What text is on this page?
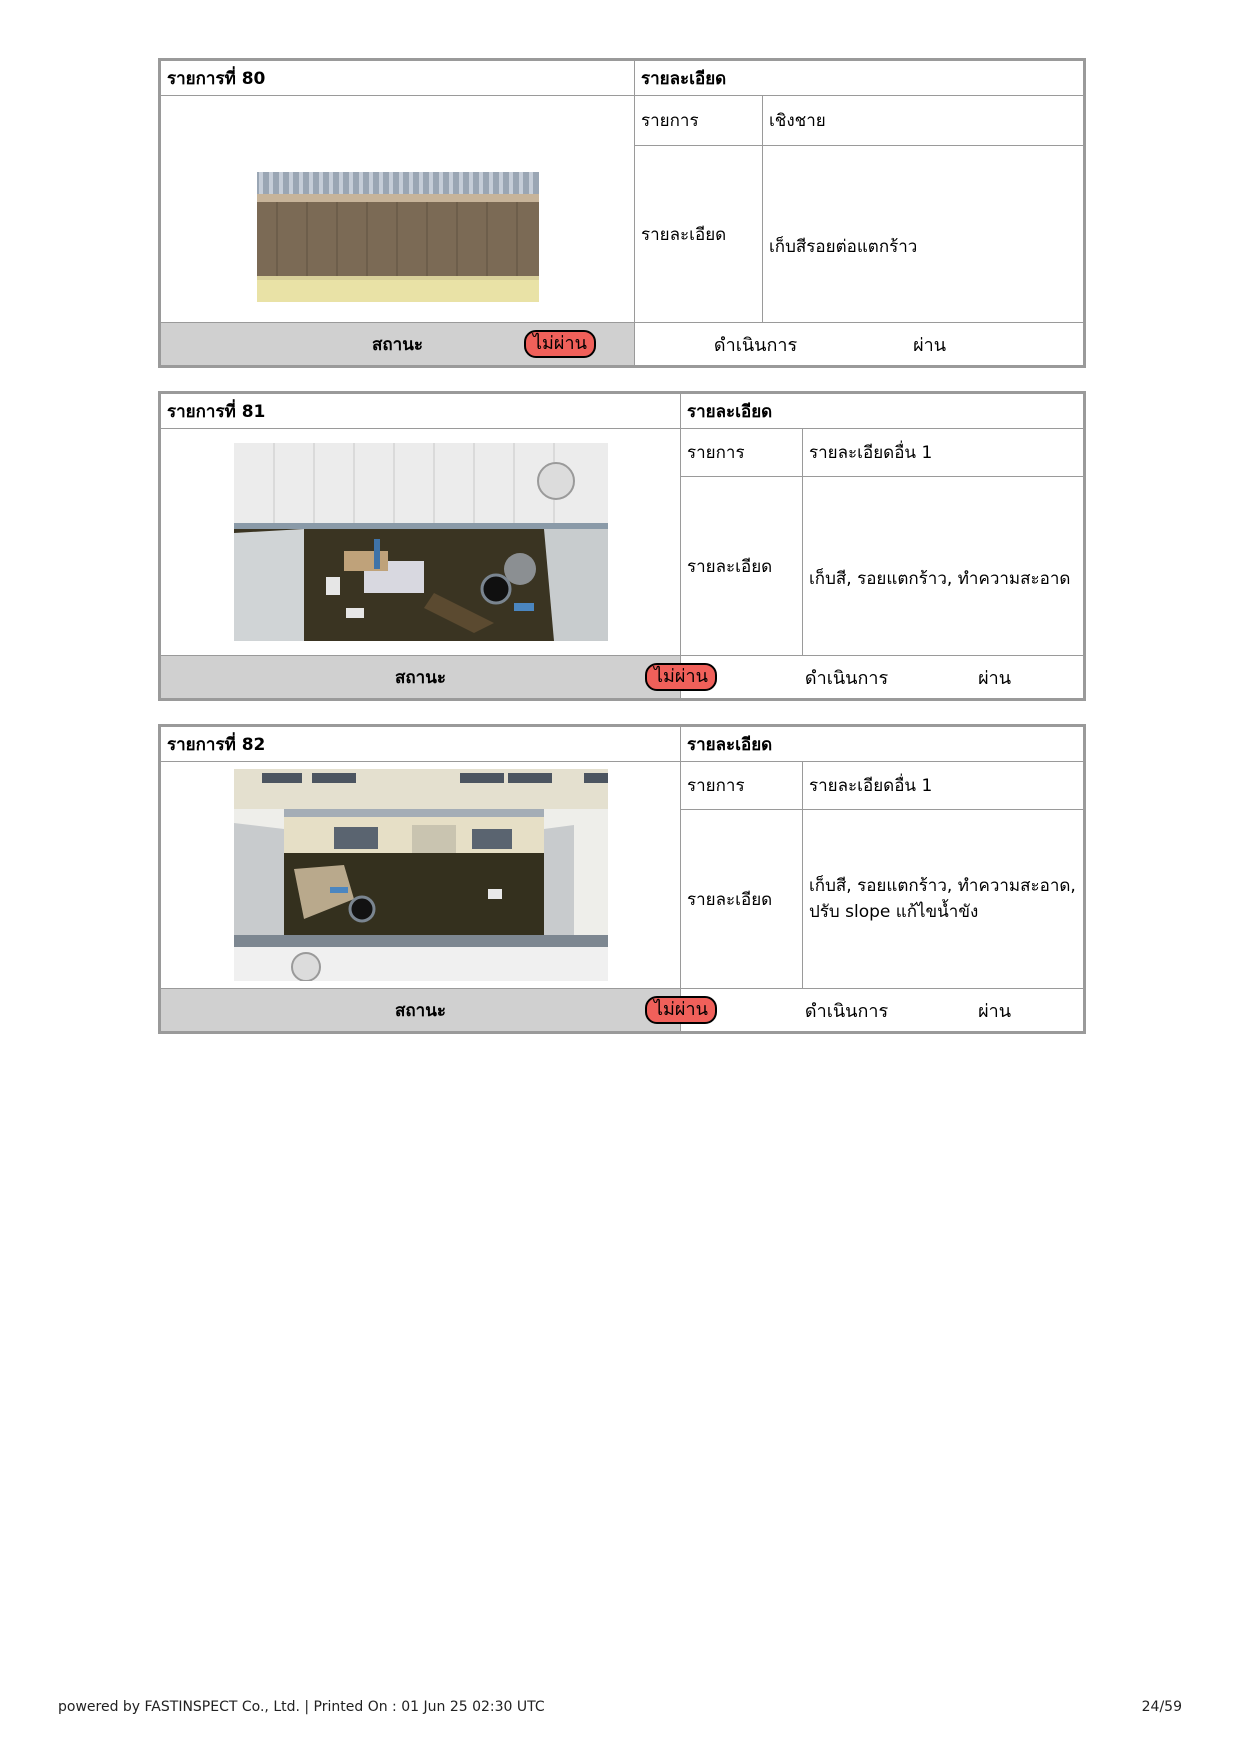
รายการที่ 80	รายละเอียด	

	รายการ	เชิงชาย
	รายละเอียด	เก็บสีรอยต่อแตกร้าว

สถานะ	ไม่ผ่าน ดำเนินการ ผ่าน	
รายการที่ 81	รายละเอียด	

	รายการ	รายละเอียดอื่น 1
	รายละเอียด	เก็บสี, รอยแตกร้าว, ทำความสะอาด

สถานะ	ไม่ผ่าน ดำเนินการ ผ่าน	
รายการที่ 82	รายละเอียด	

	รายการ	รายละเอียดอื่น 1
	รายละเอียด	เก็บสี, รอยแตกร้าว, ทำความสะอาด,
ปรับ slope แก้ไขน้ำขัง

สถานะ	ไม่ผ่าน ดำเนินการ ผ่าน	
powered by FASTINSPECT Co., Ltd. | Printed On : 01 Jun 25 02:30 UTC	24/59
